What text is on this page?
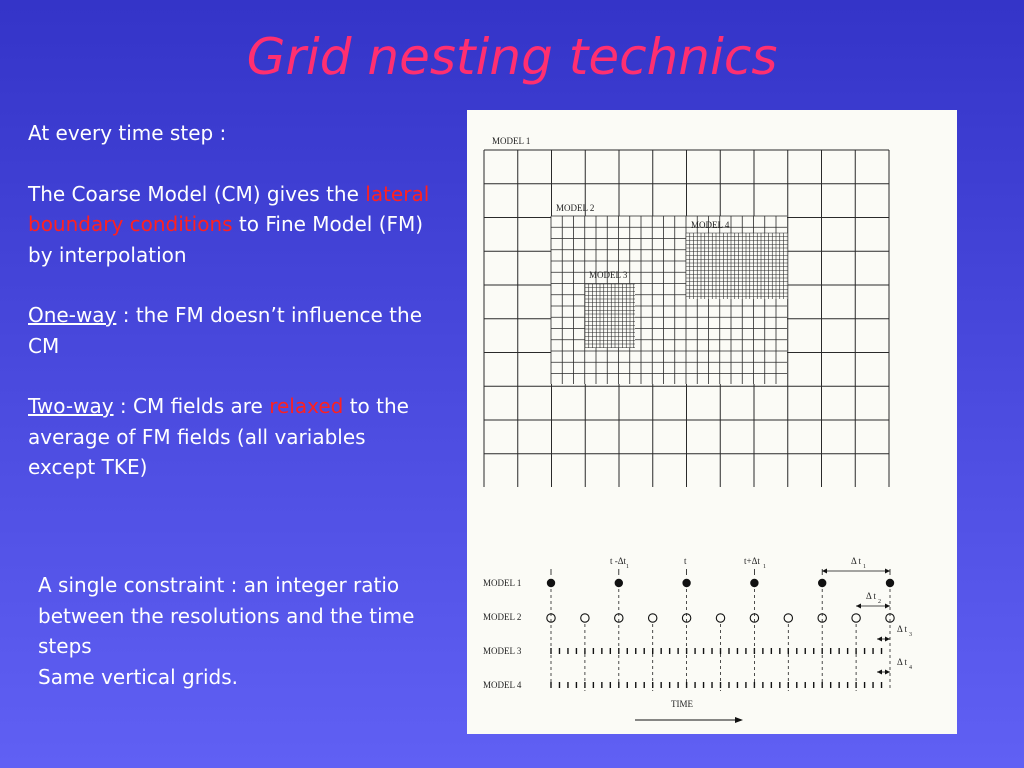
Grid nesting technics

At every time step :

The Coarse Model (CM) gives the lateral boundary conditions to Fine Model (FM) by interpolation

One-way : the FM doesn’t influence the CM

Two-way : CM fields are relaxed to the average of FM fields (all variables except TKE)

A single constraint : an integer ratio between the resolutions and the time steps
Same vertical grids.
MODEL 1
MODEL 2
MODEL 3
MODEL 4
MODEL 1
MODEL 2
MODEL 3
MODEL 4
t -Δt
1
t	t+Δt
1
Δ t
1
Δ t
2
Δ t
3
Δ t
4
TIME
